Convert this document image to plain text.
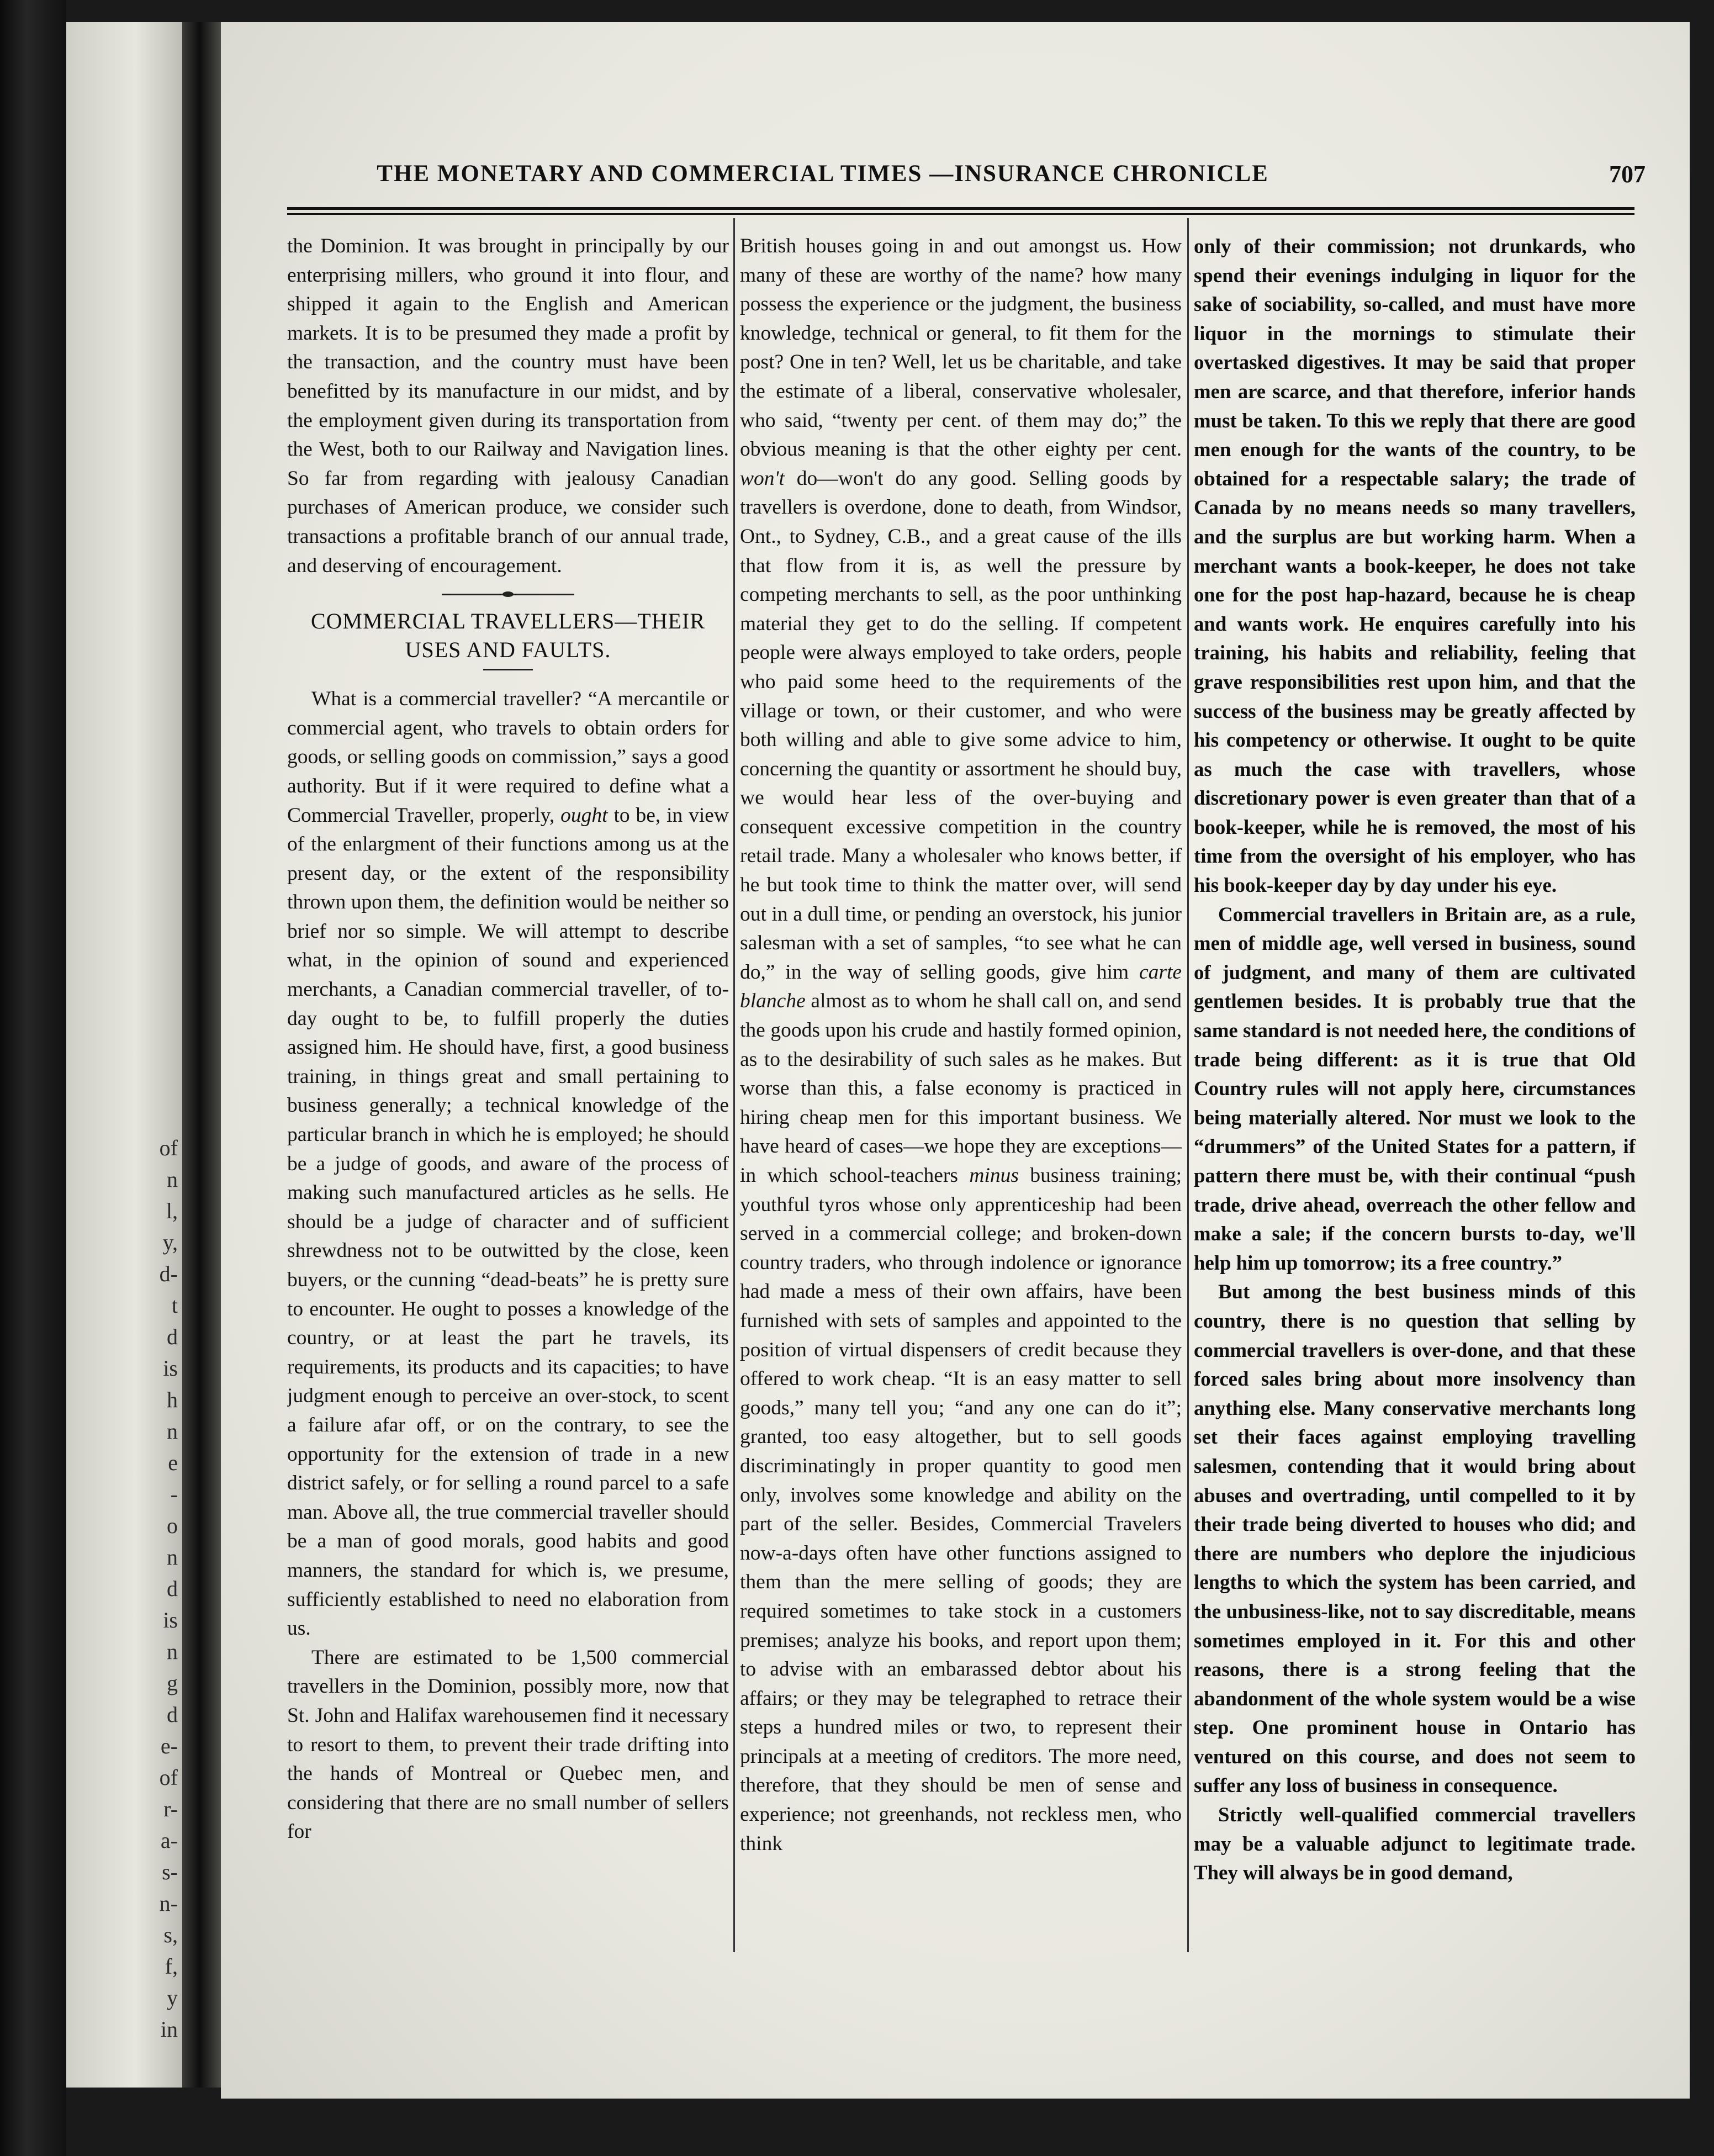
of
n
l,
y,
d-
t
d
is
h
n
e
-
o
n
d
is
n
g
d
e-
of
r-
a-
s-
n-
s,
f,
y
in
THE MONETARY AND COMMERCIAL TIMES —INSURANCE CHRONICLE	707

the Dominion. It was brought in principally by our enterprising millers, who ground it into flour, and shipped it again to the English and American markets. It is to be presumed they made a profit by the transaction, and the country must have been benefitted by its manufacture in our midst, and by the employment given during its transportation from the West, both to our Railway and Navigation lines. So far from regarding with jealousy Canadian purchases of American produce, we consider such transactions a profitable branch of our annual trade, and deserving of encouragement.

COMMERCIAL TRAVELLERS—THEIR USES AND FAULTS.

What is a commercial traveller? “A mercantile or commercial agent, who travels to obtain orders for goods, or selling goods on commission,” says a good authority. But if it were required to define what a Commercial Traveller, properly, ought to be, in view of the enlargment of their functions among us at the present day, or the extent of the responsibility thrown upon them, the definition would be neither so brief nor so simple. We will attempt to describe what, in the opinion of sound and experienced merchants, a Canadian commercial traveller, of to-day ought to be, to fulfill properly the duties assigned him. He should have, first, a good business training, in things great and small pertaining to business generally; a technical knowledge of the particular branch in which he is employed; he should be a judge of goods, and aware of the process of making such manufactured articles as he sells. He should be a judge of character and of sufficient shrewdness not to be outwitted by the close, keen buyers, or the cunning “dead-beats” he is pretty sure to encounter. He ought to posses a knowledge of the country, or at least the part he travels, its requirements, its products and its capacities; to have judgment enough to perceive an over-stock, to scent a failure afar off, or on the contrary, to see the opportunity for the extension of trade in a new district safely, or for selling a round parcel to a safe man. Above all, the true commercial traveller should be a man of good morals, good habits and good manners, the standard for which is, we presume, sufficiently established to need no elaboration from us.

There are estimated to be 1,500 commercial travellers in the Dominion, possibly more, now that St. John and Halifax warehousemen find it necessary to resort to them, to prevent their trade drifting into the hands of Montreal or Quebec men, and considering that there are no small number of sellers for

British houses going in and out amongst us. How many of these are worthy of the name? how many possess the experience or the judgment, the business knowledge, technical or general, to fit them for the post? One in ten? Well, let us be charitable, and take the estimate of a liberal, conservative wholesaler, who said, “twenty per cent. of them may do;” the obvious meaning is that the other eighty per cent. won't do—won't do any good. Selling goods by travellers is overdone, done to death, from Windsor, Ont., to Sydney, C.B., and a great cause of the ills that flow from it is, as well the pressure by competing merchants to sell, as the poor unthinking material they get to do the selling. If competent people were always employed to take orders, people who paid some heed to the requirements of the village or town, or their customer, and who were both willing and able to give some advice to him, concerning the quantity or assortment he should buy, we would hear less of the over-buying and consequent excessive competition in the country retail trade. Many a wholesaler who knows better, if he but took time to think the matter over, will send out in a dull time, or pending an overstock, his junior salesman with a set of samples, “to see what he can do,” in the way of selling goods, give him carte blanche almost as to whom he shall call on, and send the goods upon his crude and hastily formed opinion, as to the desirability of such sales as he makes. But worse than this, a false economy is practiced in hiring cheap men for this important business. We have heard of cases—we hope they are exceptions—in which school-teachers minus business training; youthful tyros whose only apprenticeship had been served in a commercial college; and broken-down country traders, who through indolence or ignorance had made a mess of their own affairs, have been furnished with sets of samples and appointed to the position of virtual dispensers of credit because they offered to work cheap. “It is an easy matter to sell goods,” many tell you; “and any one can do it”; granted, too easy altogether, but to sell goods discriminatingly in proper quantity to good men only, involves some knowledge and ability on the part of the seller. Besides, Commercial Travelers now-a-days often have other functions assigned to them than the mere selling of goods; they are required sometimes to take stock in a customers premises; analyze his books, and report upon them; to advise with an embarassed debtor about his affairs; or they may be telegraphed to retrace their steps a hundred miles or two, to represent their principals at a meeting of creditors. The more need, therefore, that they should be men of sense and experience; not greenhands, not reckless men, who think

only of their commission; not drunkards, who spend their evenings indulging in liquor for the sake of sociability, so-called, and must have more liquor in the mornings to stimulate their overtasked digestives. It may be said that proper men are scarce, and that therefore, inferior hands must be taken. To this we reply that there are good men enough for the wants of the country, to be obtained for a respectable salary; the trade of Canada by no means needs so many travellers, and the surplus are but working harm. When a merchant wants a book-keeper, he does not take one for the post hap-hazard, because he is cheap and wants work. He enquires carefully into his training, his habits and reliability, feeling that grave responsibilities rest upon him, and that the success of the business may be greatly affected by his competency or otherwise. It ought to be quite as much the case with travellers, whose discretionary power is even greater than that of a book-keeper, while he is removed, the most of his time from the oversight of his employer, who has his book-keeper day by day under his eye.

Commercial travellers in Britain are, as a rule, men of middle age, well versed in business, sound of judgment, and many of them are cultivated gentlemen besides. It is probably true that the same standard is not needed here, the conditions of trade being different: as it is true that Old Country rules will not apply here, circumstances being materially altered. Nor must we look to the “drummers” of the United States for a pattern, if pattern there must be, with their continual “push trade, drive ahead, overreach the other fellow and make a sale; if the concern bursts to-day, we'll help him up tomorrow; its a free country.”

But among the best business minds of this country, there is no question that selling by commercial travellers is over-done, and that these forced sales bring about more insolvency than anything else. Many conservative merchants long set their faces against employing travelling salesmen, contending that it would bring about abuses and overtrading, until compelled to it by their trade being diverted to houses who did; and there are numbers who deplore the injudicious lengths to which the system has been carried, and the unbusiness-like, not to say discreditable, means sometimes employed in it. For this and other reasons, there is a strong feeling that the abandonment of the whole system would be a wise step. One prominent house in Ontario has ventured on this course, and does not seem to suffer any loss of business in consequence.

Strictly well-qualified commercial travellers may be a valuable adjunct to legitimate trade. They will always be in good demand,
